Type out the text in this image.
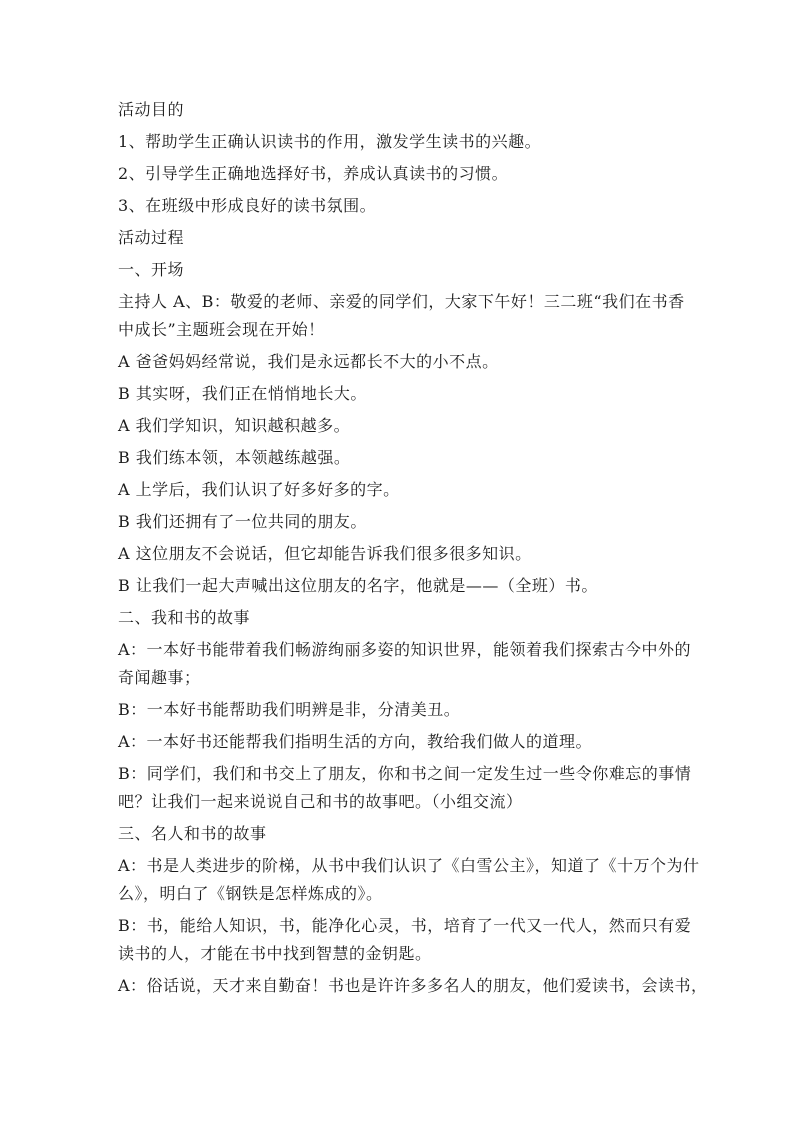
活动目的
1、帮助学生正确认识读书的作用，激发学生读书的兴趣。
2、引导学生正确地选择好书，养成认真读书的习惯。
3、在班级中形成良好的读书氛围。
活动过程
一、开场
主持人 A、B：敬爱的老师、亲爱的同学们，大家下午好！三二班“我们在书香
中成长”主题班会现在开始！
A 爸爸妈妈经常说，我们是永远都长不大的小不点。
B 其实呀，我们正在悄悄地长大。
A 我们学知识，知识越积越多。
B 我们练本领，本领越练越强。
A 上学后，我们认识了好多好多的字。
B 我们还拥有了一位共同的朋友。
A 这位朋友不会说话，但它却能告诉我们很多很多知识。
B 让我们一起大声喊出这位朋友的名字，他就是——（全班）书。
二、我和书的故事
A：一本好书能带着我们畅游绚丽多姿的知识世界，能领着我们探索古今中外的
奇闻趣事；
B：一本好书能帮助我们明辨是非，分清美丑。
A：一本好书还能帮我们指明生活的方向，教给我们做人的道理。
B：同学们，我们和书交上了朋友，你和书之间一定发生过一些令你难忘的事情
吧？让我们一起来说说自己和书的故事吧。（小组交流）
三、名人和书的故事
A：书是人类进步的阶梯，从书中我们认识了《白雪公主》，知道了《十万个为什
么》，明白了《钢铁是怎样炼成的》。
B：书，能给人知识，书，能净化心灵，书，培育了一代又一代人，然而只有爱
读书的人，才能在书中找到智慧的金钥匙。
A：俗话说，天才来自勤奋！书也是许许多多名人的朋友，他们爱读书，会读书，
